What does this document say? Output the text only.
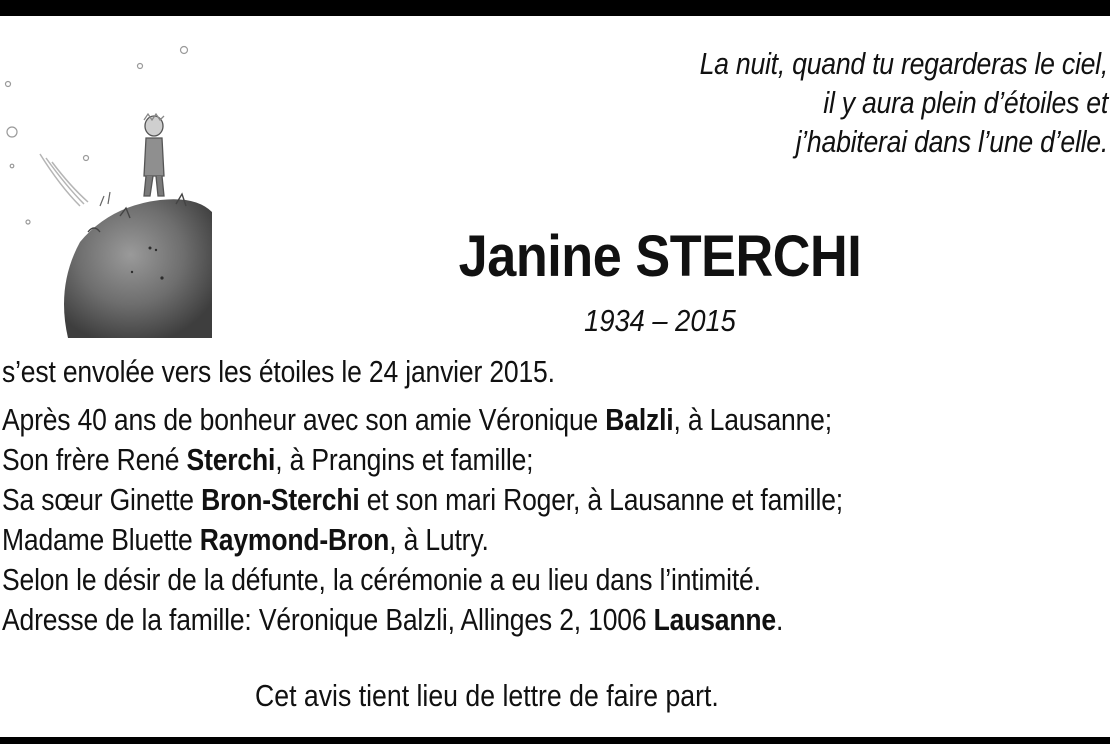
La nuit, quand tu regarderas le ciel,
il y aura plein d’étoiles et
j’habiterai dans l’une d’elle.
Janine STERCHI
1934 – 2015
s’est envolée vers les étoiles le 24 janvier 2015.
Après 40 ans de bonheur avec son amie Véronique Balzli, à Lausanne;
Son frère René Sterchi, à Prangins et famille;
Sa sœur Ginette Bron-Sterchi et son mari Roger, à Lausanne et famille;
Madame Bluette Raymond-Bron, à Lutry.
Selon le désir de la défunte, la cérémonie a eu lieu dans l’intimité.
Adresse de la famille: Véronique Balzli, Allinges 2, 1006 Lausanne.
Cet avis tient lieu de lettre de faire part.
